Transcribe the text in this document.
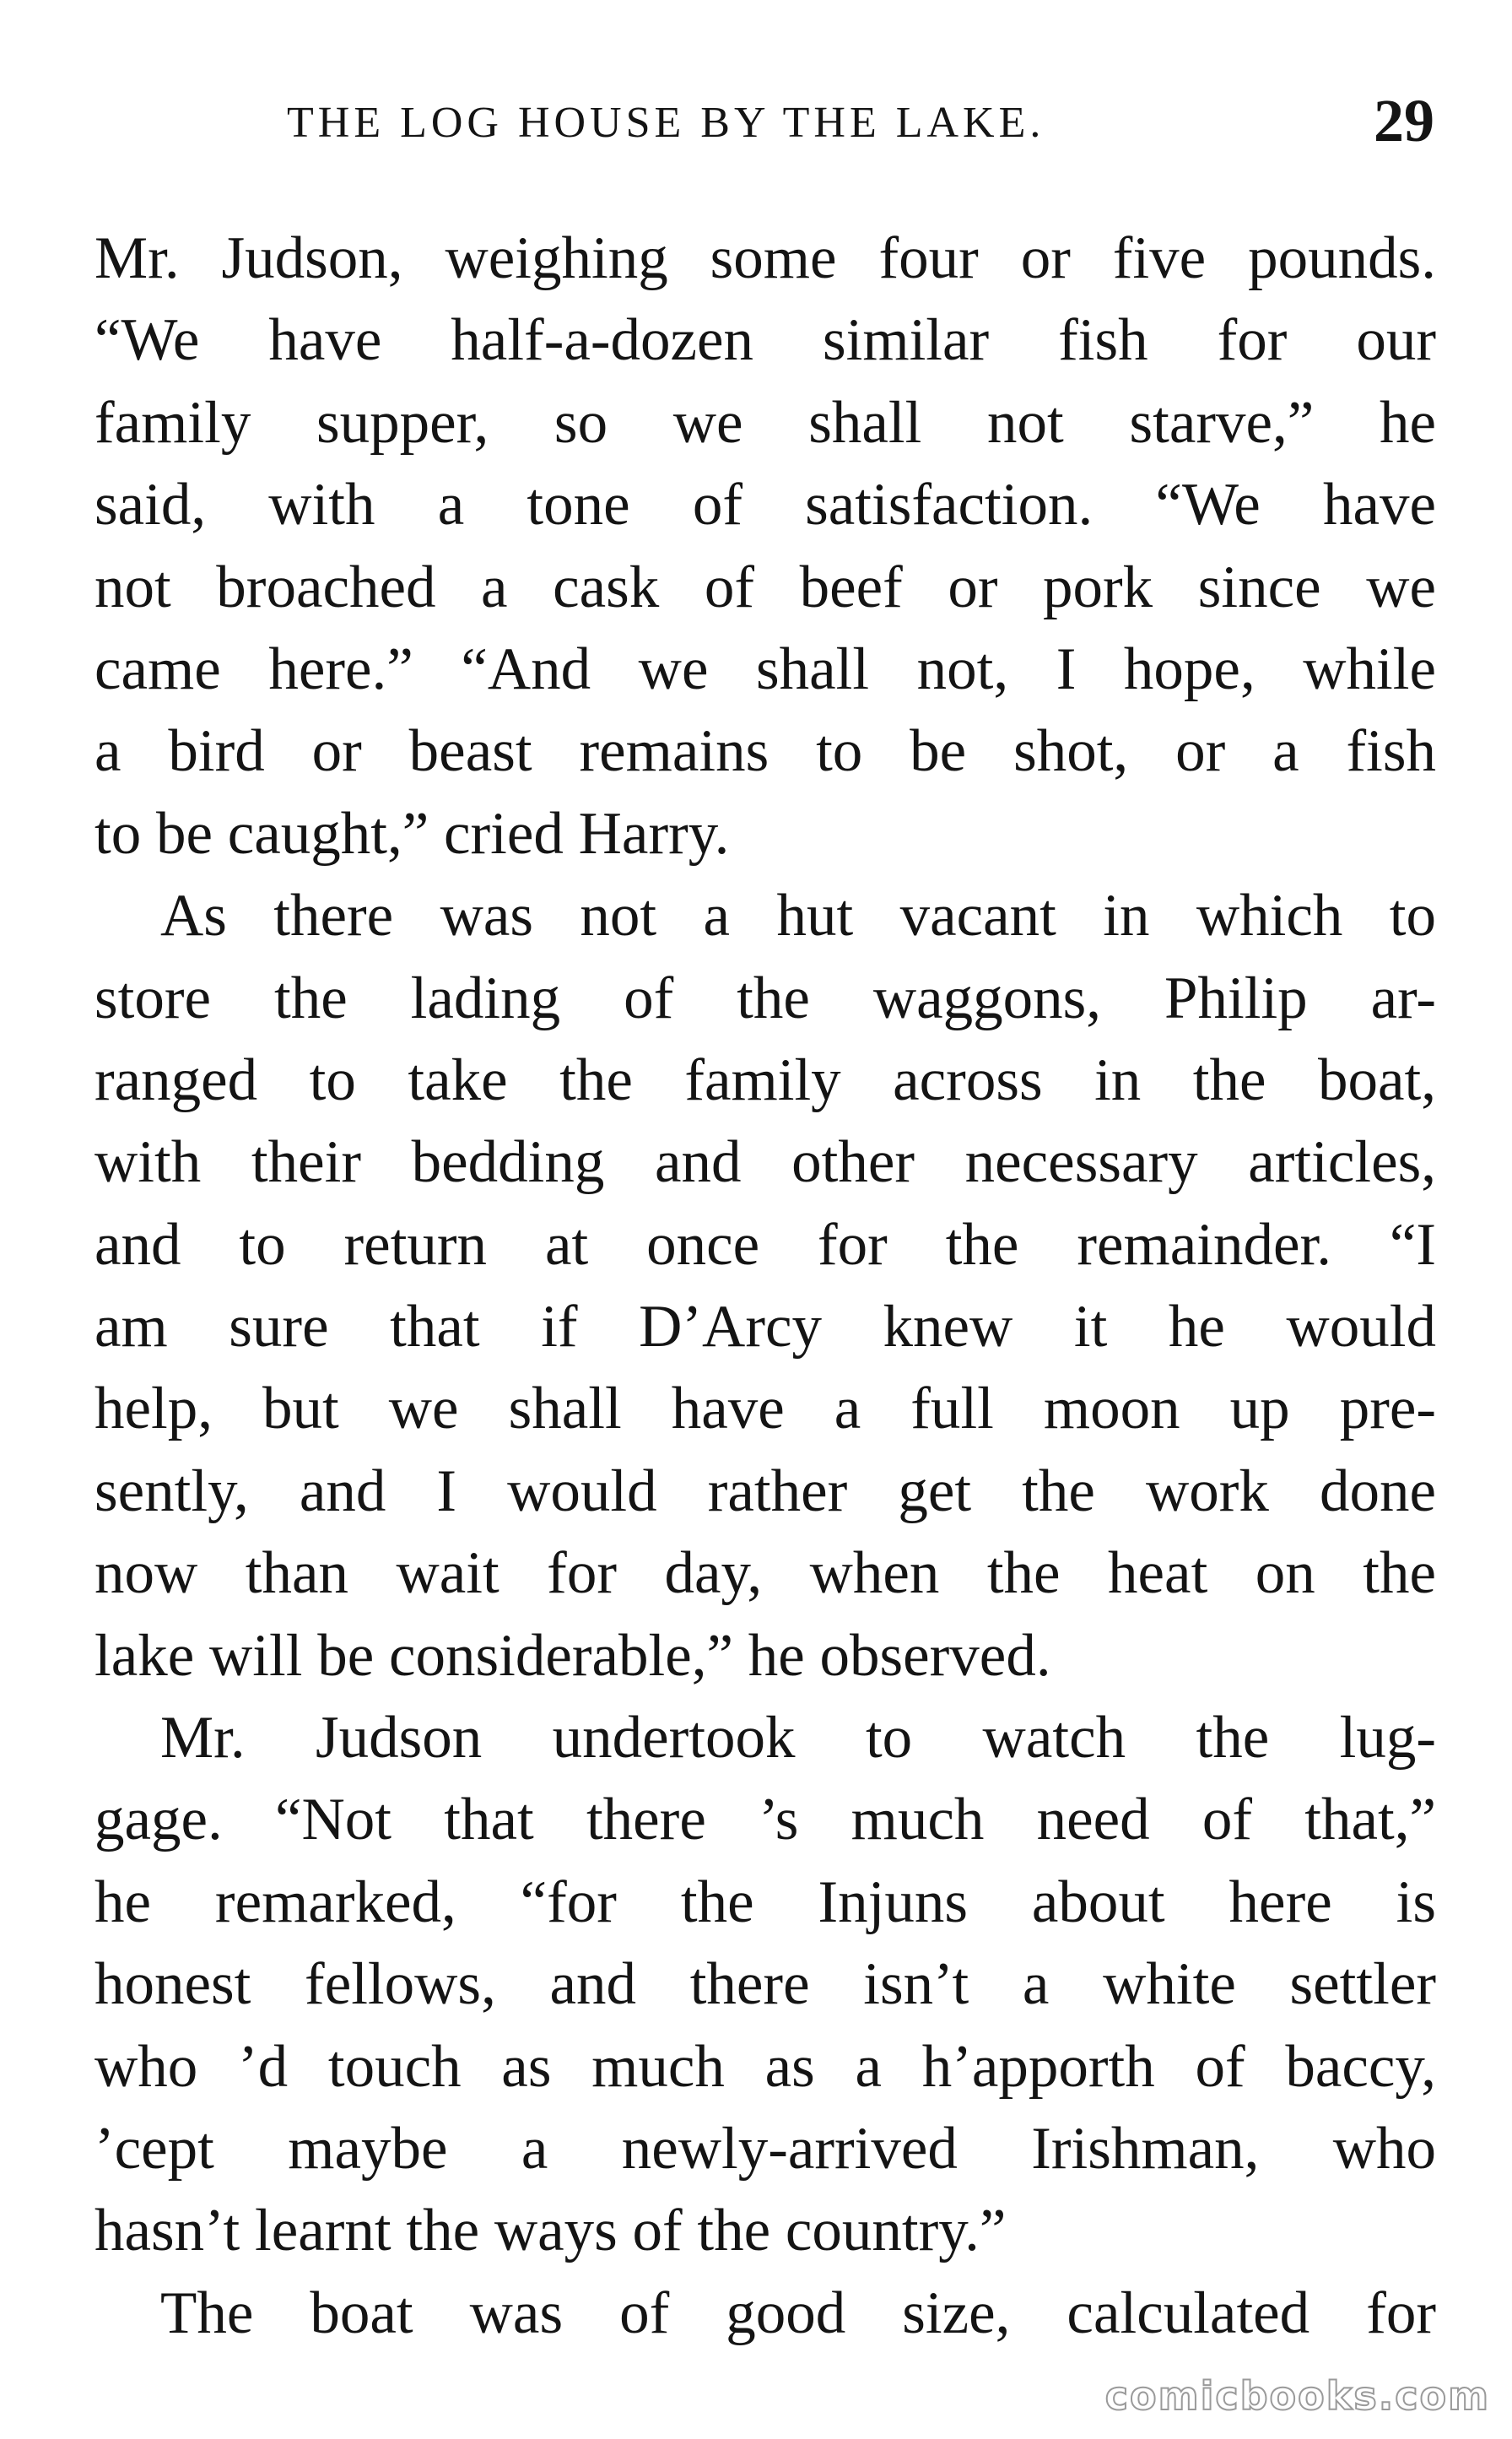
THE LOG HOUSE BY THE LAKE.	29
Mr. Judson, weighing some four or five pounds.
“We have half-a-dozen similar fish for our
family supper, so we shall not starve,” he
said, with a tone of satisfaction. “We have
not broached a cask of beef or pork since we
came here.” “And we shall not, I hope, while
a bird or beast remains to be shot, or a fish
to be caught,” cried Harry.
As there was not a hut vacant in which to
store the lading of the waggons, Philip ar-
ranged to take the family across in the boat,
with their bedding and other necessary articles,
and to return at once for the remainder. “I
am sure that if D’Arcy knew it he would
help, but we shall have a full moon up pre-
sently, and I would rather get the work done
now than wait for day, when the heat on the
lake will be considerable,” he observed.
Mr. Judson undertook to watch the lug-
gage. “Not that there ’s much need of that,”
he remarked, “for the Injuns about here is
honest fellows, and there isn’t a white settler
who ’d touch as much as a h’apporth of baccy,
’cept maybe a newly-arrived Irishman, who
hasn’t learnt the ways of the country.”
The boat was of good size, calculated for
comicbooks.com
